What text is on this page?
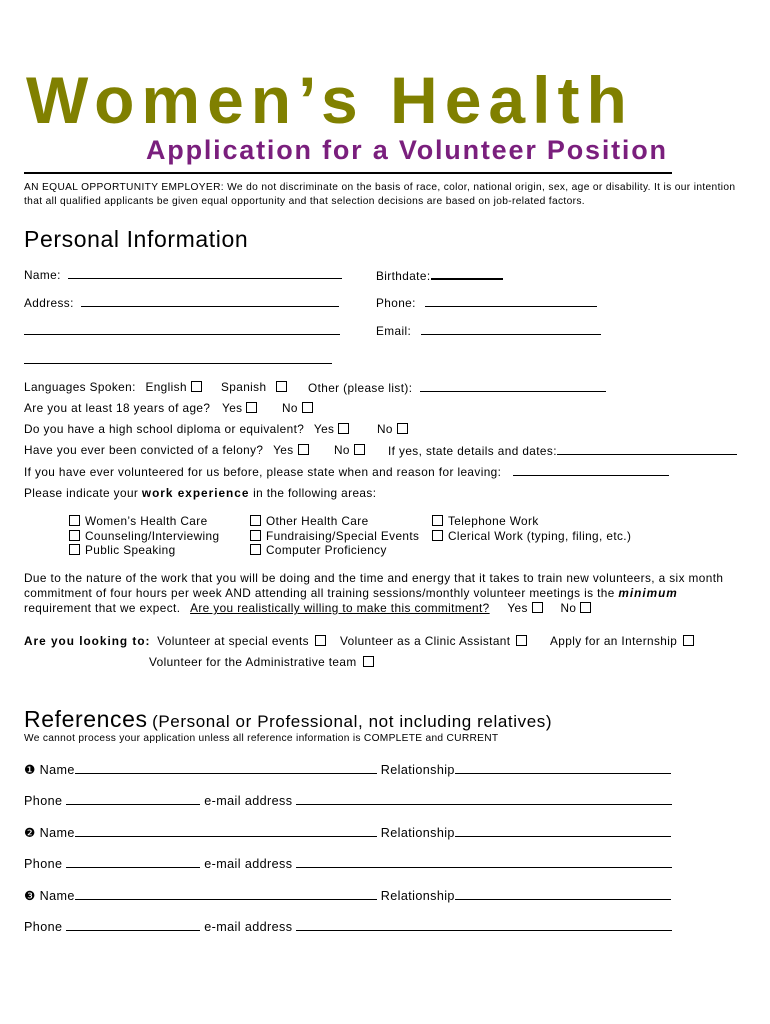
Women’s Health
Application for a Volunteer Position
AN EQUAL OPPORTUNITY EMPLOYER: We do not discriminate on the basis of race, color, national origin, sex, age or disability. It is our intention that all qualified applicants be given equal opportunity and that selection decisions are based on job-related factors.
Personal Information
Name:	Birthdate:
Address:	Phone:
Email:
Languages Spoken: English	Spanish	Other (please list):
Are you at least 18 years of age? Yes	No
Do you have a high school diploma or equivalent? Yes	No
Have you ever been convicted of a felony? Yes	No	If yes, state details and dates:
If you have ever volunteered for us before, please state when and reason for leaving:
Please indicate your work experience in the following areas:
Women’s Health Care
Counseling/Interviewing
Public Speaking
Other Health Care
Fundraising/Special Events
Computer Proficiency
Telephone Work
Clerical Work (typing, filing, etc.)
Due to the nature of the work that you will be doing and the time and energy that it takes to train new volunteers, a six month commitment of four hours per week AND attending all training sessions/monthly volunteer meetings is the minimum requirement that we expect. Are you realistically willing to make this commitment? Yes	No
Are you looking to: Volunteer at special events	Volunteer as a Clinic Assistant	Apply for an Internship
Volunteer for the Administrative team
References (Personal or Professional, not including relatives)
We cannot process your application unless all reference information is COMPLETE and CURRENT
❶ Name	Relationship
Phone	e-mail address
❷ Name	Relationship
Phone	e-mail address
❸ Name	Relationship
Phone	e-mail address
